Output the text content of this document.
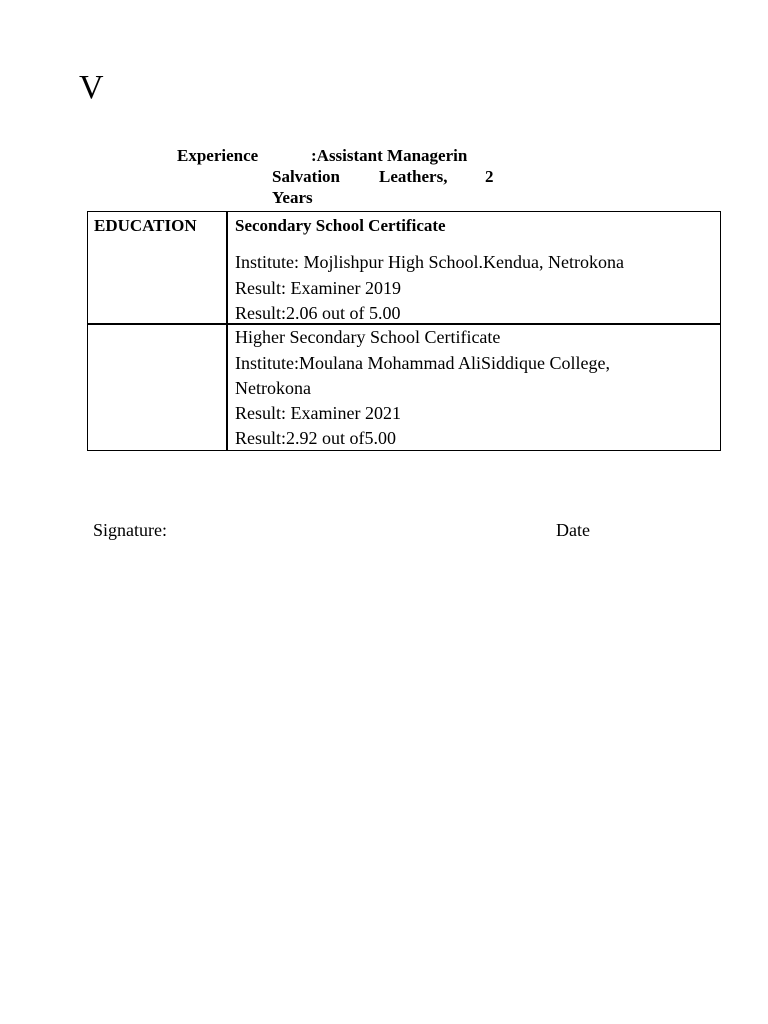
V
Experience	:Assistant Managerin
Salvation Leathers, 2
Years
EDUCATION Secondary School Certificate
Institute: Mojlishpur High School.Kendua, Netrokona
Result: Examiner 2019
Result:2.06 out of 5.00
Higher Secondary School Certificate
Institute:Moulana Mohammad AliSiddique College,
Netrokona
Result: Examiner 2021
Result:2.92 out of5.00
Signature:	Date
